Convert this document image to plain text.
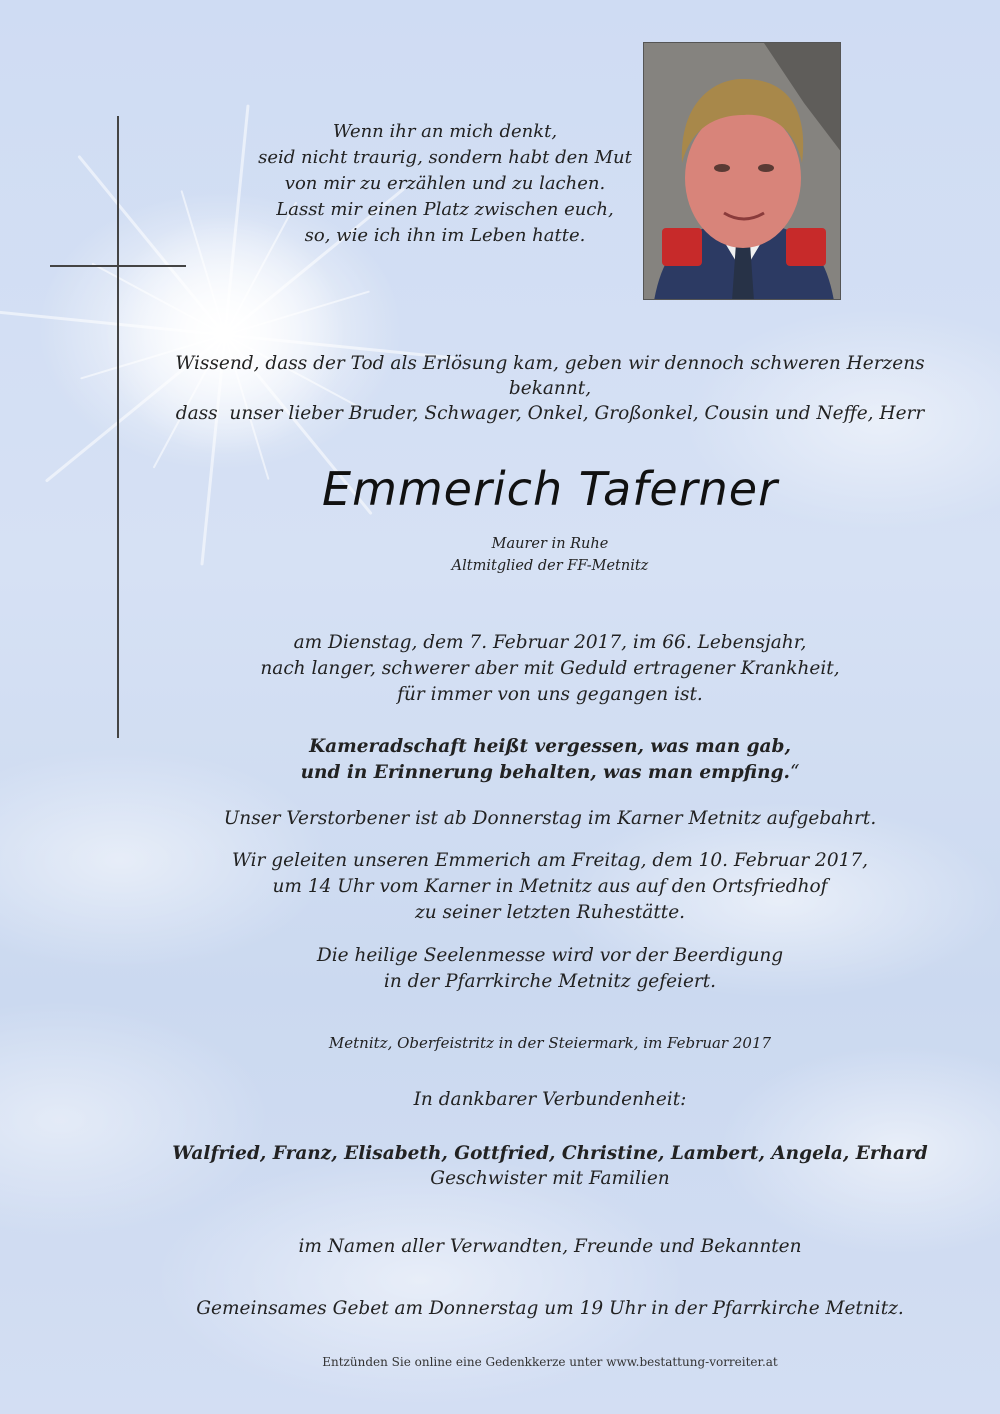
Wenn ihr an mich denkt,
seid nicht traurig, sondern habt den Mut
von mir zu erzählen und zu lachen.
Lasst mir einen Platz zwischen euch,
so, wie ich ihn im Leben hatte.
Wissend, dass der Tod als Erlösung kam, geben wir dennoch schweren Herzens bekannt,
dass  unser lieber Bruder, Schwager, Onkel, Großonkel, Cousin und Neffe, Herr
Emmerich Taferner
Maurer in Ruhe
Altmitglied der FF-Metnitz
am Dienstag, dem 7. Februar 2017, im 66. Lebensjahr,
nach langer, schwerer aber mit Geduld ertragener Krankheit,
für immer von uns gegangen ist.
Kameradschaft heißt vergessen, was man gab,
und in Erinnerung behalten, was man empfing.“
Unser Verstorbener ist ab Donnerstag im Karner Metnitz aufgebahrt.
Wir geleiten unseren Emmerich am Freitag, dem 10. Februar 2017,
um 14 Uhr vom Karner in Metnitz aus auf den Ortsfriedhof
zu seiner letzten Ruhestätte.
Die heilige Seelenmesse wird vor der Beerdigung
in der Pfarrkirche Metnitz gefeiert.
Metnitz, Oberfeistritz in der Steiermark, im Februar 2017
In dankbarer Verbundenheit:
Walfried, Franz, Elisabeth, Gottfried, Christine, Lambert, Angela, Erhard
Geschwister mit Familien
im Namen aller Verwandten, Freunde und Bekannten
Gemeinsames Gebet am Donnerstag um 19 Uhr in der Pfarrkirche Metnitz.
Entzünden Sie online eine Gedenkkerze unter www.bestattung-vorreiter.at
